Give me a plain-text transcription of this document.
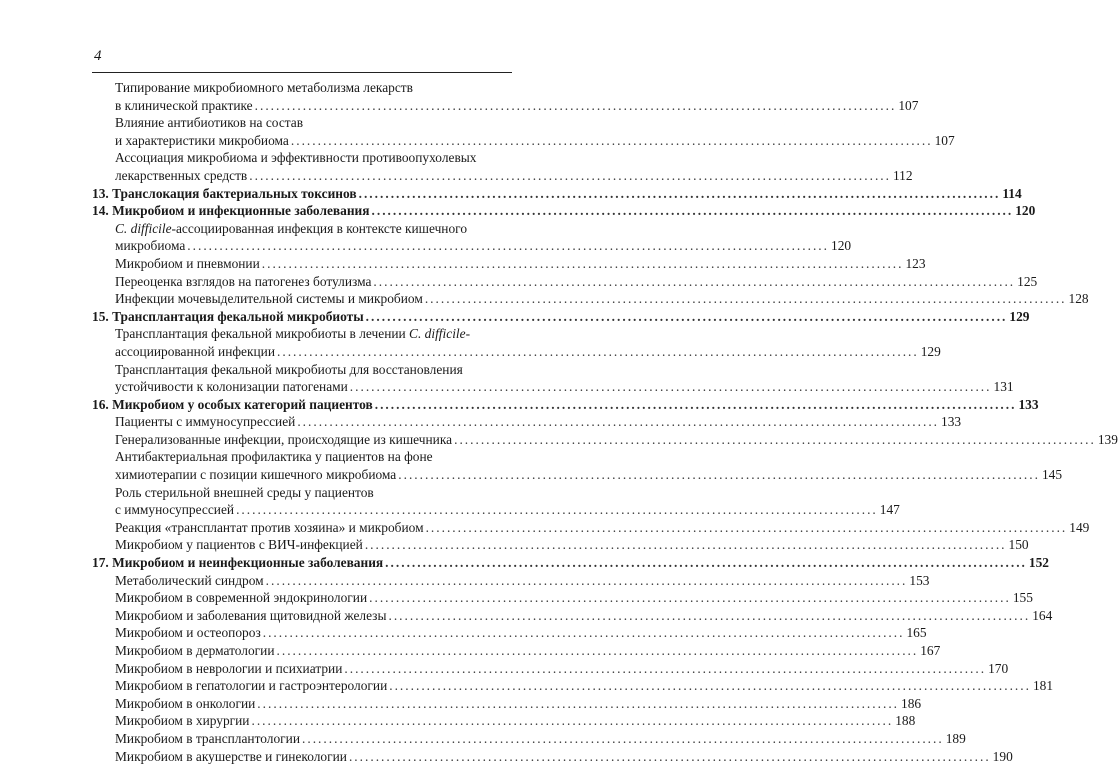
4
Типирование микробиомного метаболизма лекарств
в клинической практике ........................................................................................................................ 107
Влияние антибиотиков на состав
и характеристики микробиома ........................................................................................................................ 107
Ассоциация микробиома и эффективности противоопухолевых
лекарственных средств ........................................................................................................................ 112
13. Транслокация бактериальных токсинов ........................................................................................................................ 114
14. Микробиом и инфекционные заболевания ........................................................................................................................ 120
C. difficile-ассоциированная инфекция в контексте кишечного
микробиома ........................................................................................................................ 120
Микробиом и пневмонии ........................................................................................................................ 123
Переоценка взглядов на патогенез ботулизма ........................................................................................................................ 125
Инфекции мочевыделительной системы и микробиом ........................................................................................................................ 128
15. Трансплантация фекальной микробиоты ........................................................................................................................ 129
Трансплантация фекальной микробиоты в лечении C. difficile-
ассоциированной инфекции ........................................................................................................................ 129
Трансплантация фекальной микробиоты для восстановления
устойчивости к колонизации патогенами ........................................................................................................................ 131
16. Микробиом у особых категорий пациентов ........................................................................................................................ 133
Пациенты с иммуносупрессией ........................................................................................................................ 133
Генерализованные инфекции, происходящие из кишечника ........................................................................................................................ 139
Антибактериальная профилактика у пациентов на фоне
химиотерапии с позиции кишечного микробиома ........................................................................................................................ 145
Роль стерильной внешней среды у пациентов
с иммуносупрессией ........................................................................................................................ 147
Реакция «трансплантат против хозяина» и микробиом ........................................................................................................................ 149
Микробиом у пациентов с ВИЧ-инфекцией ........................................................................................................................ 150
17. Микробиом и неинфекционные заболевания ........................................................................................................................ 152
Метаболический синдром ........................................................................................................................ 153
Микробиом в современной эндокринологии ........................................................................................................................ 155
Микробиом и заболевания щитовидной железы ........................................................................................................................ 164
Микробиом и остеопороз ........................................................................................................................ 165
Микробиом в дерматологии ........................................................................................................................ 167
Микробиом в неврологии и психиатрии ........................................................................................................................ 170
Микробиом в гепатологии и гастроэнтерологии ........................................................................................................................ 181
Микробиом в онкологии ........................................................................................................................ 186
Микробиом в хирургии ........................................................................................................................ 188
Микробиом в трансплантологии ........................................................................................................................ 189
Микробиом в акушерстве и гинекологии ........................................................................................................................ 190
